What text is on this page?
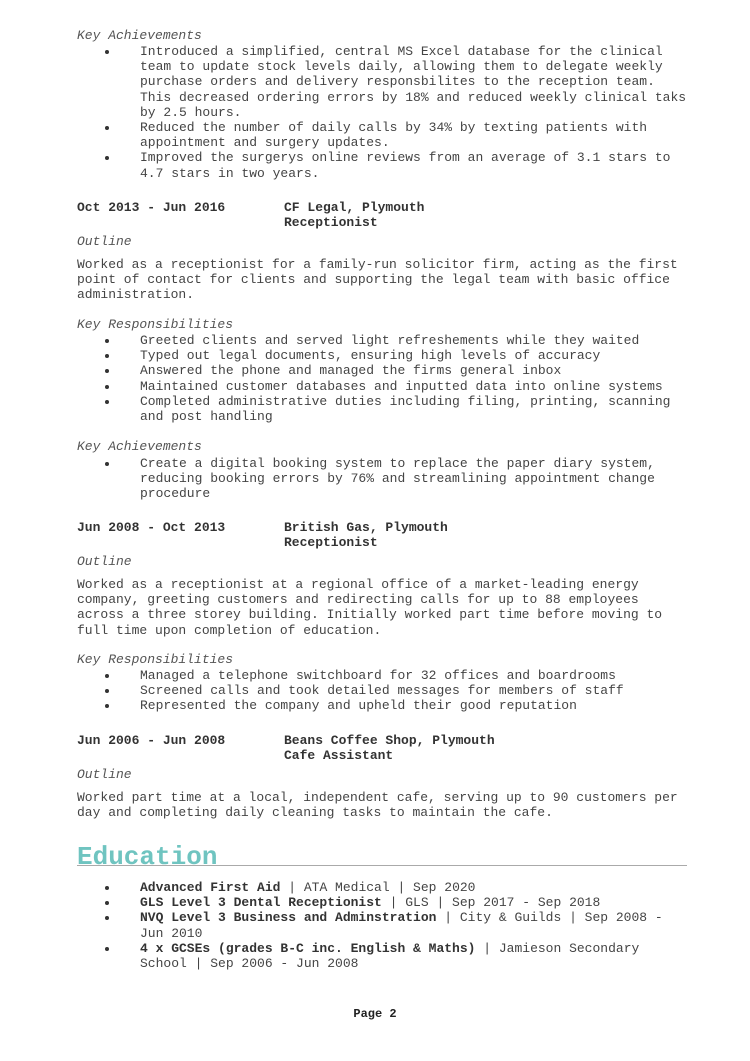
Key Achievements
Introduced a simplified, central MS Excel database for the clinical team to update stock levels daily, allowing them to delegate weekly purchase orders and delivery responsbilites to the reception team. This decreased ordering errors by 18% and reduced weekly clinical taks by 2.5 hours.
Reduced the number of daily calls by 34% by texting patients with appointment and surgery updates.
Improved the surgerys online reviews from an average of 3.1 stars to 4.7 stars in two years.
Oct 2013 - Jun 2016	CF Legal, Plymouth
Receptionist
Outline
Worked as a receptionist for a family-run solicitor firm, acting as the first point of contact for clients and supporting the legal team with basic office administration.
Key Responsibilities
Greeted clients and served light refreshements while they waited
Typed out legal documents, ensuring high levels of accuracy
Answered the phone and managed the firms general inbox
Maintained customer databases and inputted data into online systems
Completed administrative duties including filing, printing, scanning and post handling
Key Achievements
Create a digital booking system to replace the paper diary system, reducing booking errors by 76% and streamlining appointment change procedure
Jun 2008 - Oct 2013	British Gas, Plymouth
Receptionist
Outline
Worked as a receptionist at a regional office of a market-leading energy company, greeting customers and redirecting calls for up to 88 employees across a three storey building. Initially worked part time before moving to full time upon completion of education.
Key Responsibilities
Managed a telephone switchboard for 32 offices and boardrooms
Screened calls and took detailed messages for members of staff
Represented the company and upheld their good reputation
Jun 2006 - Jun 2008	Beans Coffee Shop, Plymouth
Cafe Assistant
Outline
Worked part time at a local, independent cafe, serving up to 90 customers per day and completing daily cleaning tasks to maintain the cafe.
Education
Advanced First Aid | ATA Medical | Sep 2020
GLS Level 3 Dental Receptionist | GLS | Sep 2017 - Sep 2018
NVQ Level 3 Business and Adminstration | City & Guilds | Sep 2008 - Jun 2010
4 x GCSEs (grades B-C inc. English & Maths) | Jamieson Secondary School | Sep 2006 - Jun 2008
Page 2
